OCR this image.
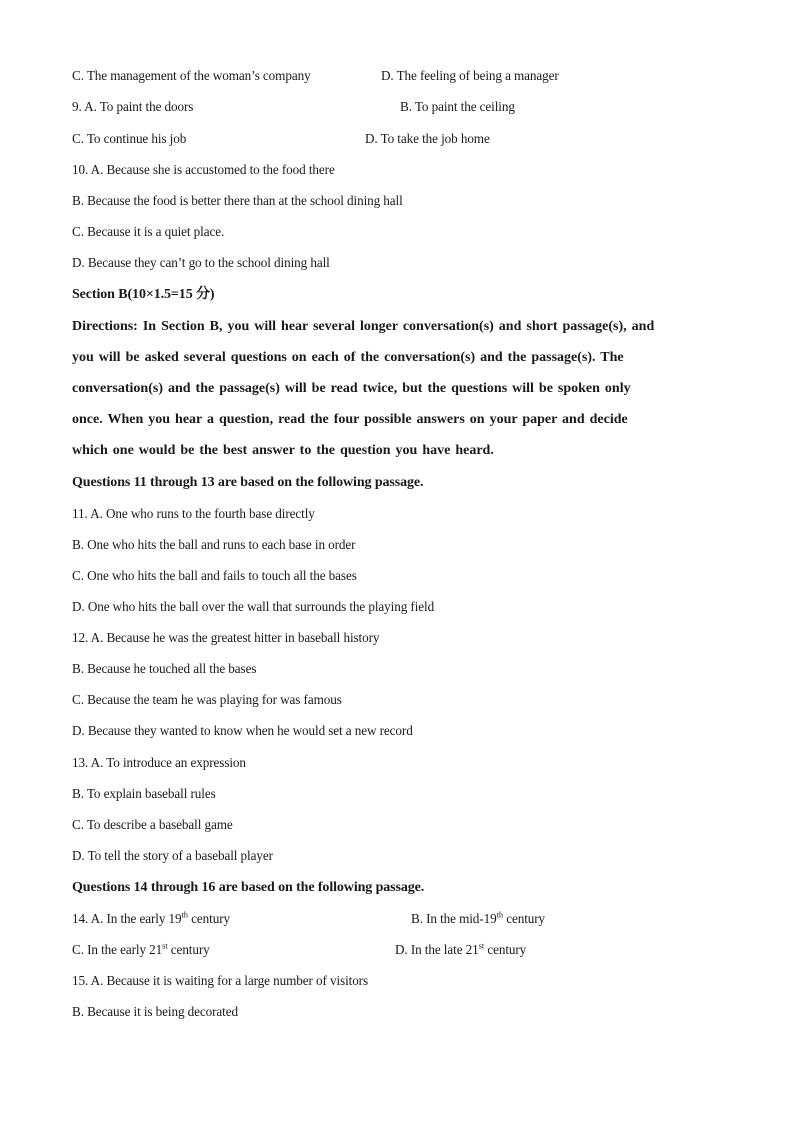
C. The management of the woman’s company	D. The feeling of being a manager
9. A. To paint the doors	B. To paint the ceiling
C. To continue his job	D. To take the job home
10. A. Because she is accustomed to the food there
B. Because the food is better there than at the school dining hall
C. Because it is a quiet place.
D. Because they can’t go to the school dining hall
Section B(10×1.5=15 分)
Directions: In Section B, you will hear several longer conversation(s) and short passage(s), and
you will be asked several questions on each of the conversation(s) and the passage(s). The
conversation(s) and the passage(s) will be read twice, but the questions will be spoken only
once. When you hear a question, read the four possible answers on your paper and decide
which one would be the best answer to the question you have heard.
Questions 11 through 13 are based on the following passage.
11. A. One who runs to the fourth base directly
B. One who hits the ball and runs to each base in order
C. One who hits the ball and fails to touch all the bases
D. One who hits the ball over the wall that surrounds the playing field
12. A. Because he was the greatest hitter in baseball history
B. Because he touched all the bases
C. Because the team he was playing for was famous
D. Because they wanted to know when he would set a new record
13. A. To introduce an expression
B. To explain baseball rules
C. To describe a baseball game
D. To tell the story of a baseball player
Questions 14 through 16 are based on the following passage.
14. A. In the early 19th century	B. In the mid-19th century
C. In the early 21st century	D. In the late 21st century
15. A. Because it is waiting for a large number of visitors
B. Because it is being decorated
